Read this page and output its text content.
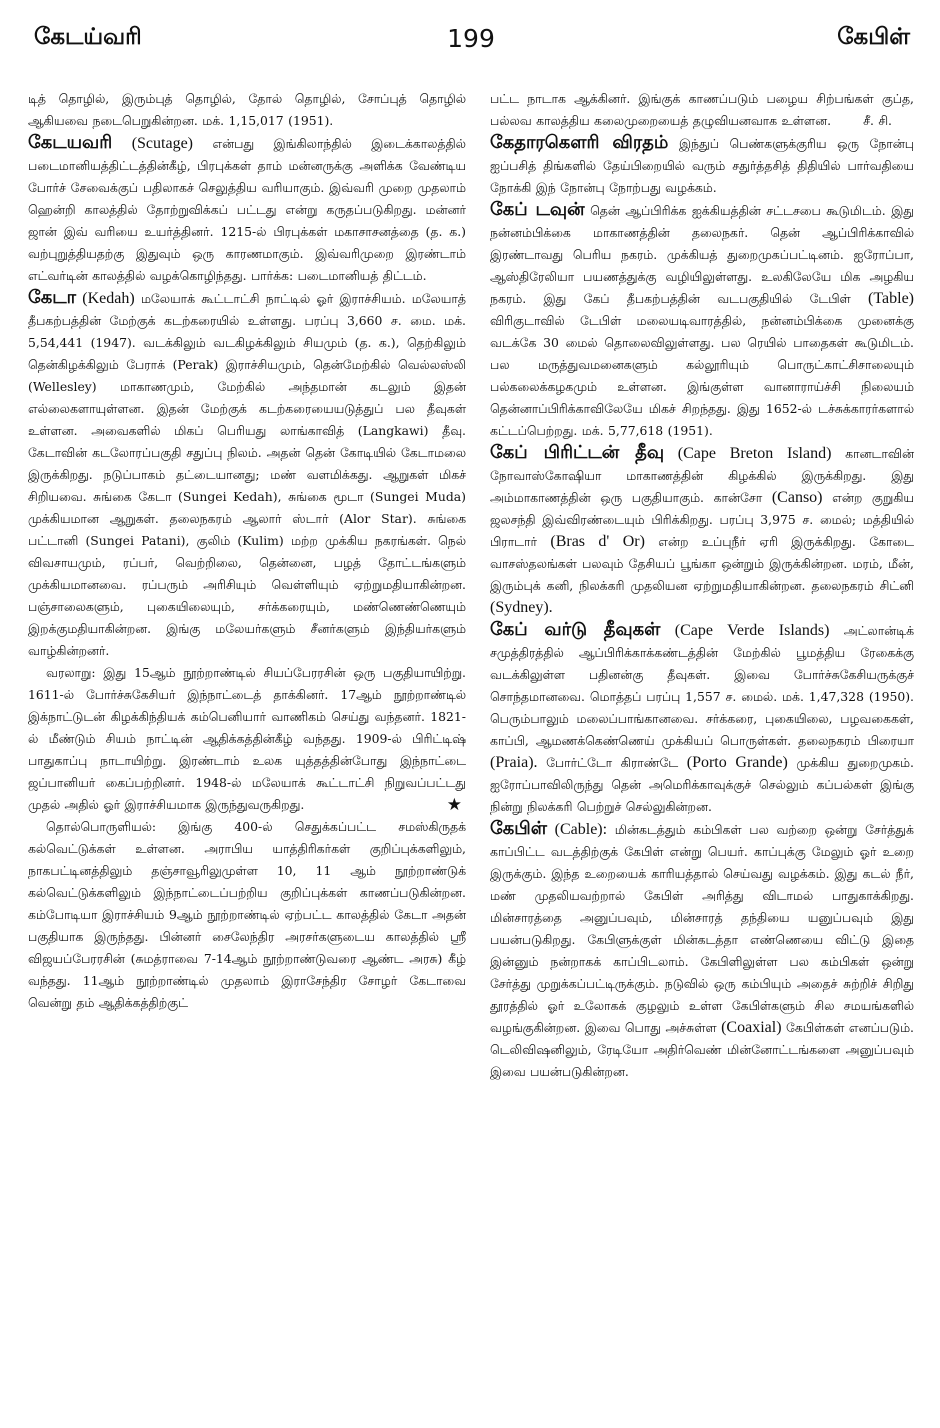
கேடய்வரி	199	கேபிள்

டித் தொழில், இரும்புத் தொழில், தோல் தொழில், சோப்புத் தொழில் ஆகியவை நடைபெறுகின்றன. மக். 1,15,017 (1951).

கேடயவரி (Scutage) என்பது இங்கிலாந்தில் இடைக்காலத்தில் படைமானியத்திட்டத்தின்கீழ், பிரபுக்கள் தாம் மன்னருக்கு அளிக்க வேண்டிய போர்ச் சேவைக்குப் பதிலாகச் செலுத்திய வரியாகும். இவ்வரி முறை முதலாம் ஹென்றி காலத்தில் தோற்றுவிக்கப் பட்டது என்று கருதப்படுகிறது. மன்னர் ஜான் இவ் வரியை உயர்த்தினர். 1215-ல் பிரபுக்கள் மகாசாசனத்தை (த. க.) வற்புறுத்தியதற்கு இதுவும் ஒரு காரணமாகும். இவ்வரிமுறை இரண்டாம் எட்வர்டின் காலத்தில் வழக்கொழிந்தது. பார்க்க: படைமானியத் திட்டம்.

கேடா (Kedah) மலேயாக் கூட்டாட்சி நாட்டில் ஓர் இராச்சியம். மலேயாத் தீபகற்பத்தின் மேற்குக் கடற்கரையில் உள்ளது. பரப்பு 3,660 ச. மை. மக். 5,54,441 (1947). வடக்கிலும் வடகிழக்கிலும் சியமும் (த. க.), தெற்கிலும் தென்கிழக்கிலும் பேராக் (Perak) இராச்சியமும், தென்மேற்கில் வெல்லஸ்லி (Wellesley) மாகாணமும், மேற்கில் அந்தமான் கடலும் இதன் எல்லைகளாயுள்ளன. இதன் மேற்குக் கடற்கரையையடுத்துப் பல தீவுகள் உள்ளன. அவைகளில் மிகப் பெரியது லாங்காவித் (Langkawi) தீவு. கேடாவின் கடலோரப்பகுதி சதுப்பு நிலம். அதன் தென் கோடியில் கேடாமலை இருக்கிறது. நடுப்பாகம் தட்டையானது; மண் வளமிக்கது. ஆறுகள் மிகச் சிறியவை. சுங்கை கேடா (Sungei Kedah), சுங்கை மூடா (Sungei Muda) முக்கியமான ஆறுகள். தலைநகரம் ஆலார் ஸ்டார் (Alor Star). சுங்கை பட்டானி (Sungei Patani), குலிம் (Kulim) மற்ற முக்கிய நகரங்கள். நெல் விவசாயமும், ரப்பர், வெற்றிலை, தென்னை, பழத் தோட்டங்களும் முக்கியமானவை. ரப்பரும் அரிசியும் வெள்ளியும் ஏற்றுமதியாகின்றன. பஞ்சாலைகளும், புகையிலையும், சர்க்கரையும், மண்ணெண்ணெயும் இறக்குமதியாகின்றன. இங்கு மலேயர்களும் சீனர்களும் இந்தியர்களும் வாழ்கின்றனர்.

வரலாறு: இது 15ஆம் நூற்றாண்டில் சியப்பேரரசின் ஒரு பகுதியாயிற்று. 1611-ல் போர்ச்சுகேசியர் இந்நாட்டைத் தாக்கினர். 17ஆம் நூற்றாண்டில் இக்நாட்டுடன் கிழக்கிந்தியக் கம்பெனியார் வாணிகம் செய்து வந்தனர். 1821-ல் மீண்டும் சியம் நாட்டின் ஆதிக்கத்தின்கீழ் வந்தது. 1909-ல் பிரிட்டிஷ் பாதுகாப்பு நாடாயிற்று. இரண்டாம் உலக யுத்தத்தின்போது இந்நாட்டை ஜப்பானியர் கைப்பற்றினர். 1948-ல் மலேயாக் கூட்டாட்சி நிறுவப்பட்டது முதல் அதில் ஓர் இராச்சியமாக இருந்துவருகிறது.	★

தொல்பொருளியல்: இங்கு 400-ல் செதுக்கப்பட்ட சமஸ்கிருதக் கல்வெட்டுக்கள் உள்ளன. அராபிய யாத்திரிகர்கள் குறிப்புக்களிலும், நாகபட்டினத்திலும் தஞ்சாவூரிலுமுள்ள 10, 11 ஆம் நூற்றாண்டுக் கல்வெட்டுக்களிலும் இந்நாட்டைப்பற்றிய குறிப்புக்கள் காணப்படுகின்றன. கம்போடியா இராச்சியம் 9ஆம் நூற்றாண்டில் ஏற்பட்ட காலத்தில் கேடா அதன் பகுதியாக இருந்தது. பின்னர் சைலேந்திர அரசர்களுடைய காலத்தில் ஸ்ரீ விஜயப்பேரரசின் (சுமத்ராவை 7-14ஆம் நூற்றாண்டுவரை ஆண்ட அரசு) கீழ் வந்தது. 11ஆம் நூற்றாண்டில் முதலாம் இராசேந்திர சோழர் கேடாவை வென்று தம் ஆதிக்கத்திற்குட்

பட்ட நாடாக ஆக்கினர். இங்குக் காணப்படும் பழைய சிற்பங்கள் குப்த, பல்லவ காலத்திய கலைமுறையைத் தழுவியனவாக உள்ளன.	சீ. சி.

கேதாரகௌரி விரதம் இந்துப் பெண்களுக்குரிய ஒரு நோன்பு ஐப்பசித் திங்களில் தேய்பிறையில் வரும் சதுர்த்தசித் திதியில் பார்வதியை நோக்கி இந் நோன்பு நோற்பது வழக்கம்.

கேப் டவுன் தென் ஆப்பிரிக்க ஐக்கியத்தின் சட்டசபை கூடுமிடம். இது நன்னம்பிக்கை மாகாணத்தின் தலைநகர். தென் ஆப்பிரிக்காவில் இரண்டாவது பெரிய நகரம். முக்கியத் துறைமுகப்பட்டினம். ஐரோப்பா, ஆஸ்திரேலியா பயணத்துக்கு வழியிலுள்ளது. உலகிலேயே மிக அழகிய நகரம். இது கேப் தீபகற்பத்தின் வடபகுதியில் டேபிள் (Table) விரிகுடாவில் டேபிள் மலையடிவாரத்தில், நன்னம்பிக்கை முனைக்கு வடக்கே 30 மைல் தொலைவிலுள்ளது. பல ரெயில் பாதைகள் கூடுமிடம். பல மருத்துவமனைகளும் கல்லூரியும் பொருட்காட்சிசாலையும் பல்கலைக்கழகமும் உள்ளன. இங்குள்ள வானாராய்ச்சி நிலையம் தென்னாப்பிரிக்காவிலேயே மிகச் சிறந்தது. இது 1652-ல் டச்சுக்காரர்களால் கட்டப்பெற்றது. மக். 5,77,618 (1951).

கேப் பிரிட்டன் தீவு (Cape Breton Island) கானடாவின் நோவாஸ்கோஷியா மாகாணத்தின் கிழக்கில் இருக்கிறது. இது அம்மாகாணத்தின் ஒரு பகுதியாகும். கான்சோ (Canso) என்ற குறுகிய ஜலசந்தி இவ்விரண்டையும் பிரிக்கிறது. பரப்பு 3,975 ச. மைல்; மத்தியில் பிராடார் (Bras d' Or) என்ற உப்புநீர் ஏரி இருக்கிறது. கோடை வாசஸ்தலங்கள் பலவும் தேசியப் பூங்கா ஒன்றும் இருக்கின்றன. மரம், மீன், இரும்புக் கனி, நிலக்கரி முதலியன ஏற்றுமதியாகின்றன. தலைநகரம் சிட்னி (Sydney).

கேப் வர்டு தீவுகள் (Cape Verde Islands) அட்லான்டிக் சமுத்திரத்தில் ஆப்பிரிக்காக்கண்டத்தின் மேற்கில் பூமத்திய ரேகைக்கு வடக்கிலுள்ள பதினன்கு தீவுகள். இவை போர்ச்சுகேசியருக்குச் சொந்தமானவை. மொத்தப் பரப்பு 1,557 ச. மைல். மக். 1,47,328 (1950). பெரும்பாலும் மலைப்பாங்கானவை. சர்க்கரை, புகையிலை, பழவகைகள், காப்பி, ஆமணக்கெண்ணெய் முக்கியப் பொருள்கள். தலைநகரம் பிரையா (Praia). போர்ட்டோ கிராண்டே (Porto Grande) முக்கிய துறைமுகம். ஐரோப்பாவிலிருந்து தென் அமெரிக்காவுக்குச் செல்லும் கப்பல்கள் இங்கு நின்று நிலக்கரி பெற்றுச் செல்லுகின்றன.

கேபிள் (Cable): மின்கடத்தும் கம்பிகள் பல வற்றை ஒன்று சேர்த்துக் காப்பிட்ட வடத்திற்குக் கேபிள் என்று பெயர். காப்புக்கு மேலும் ஓர் உறை இருக்கும். இந்த உறையைக் காரியத்தால் செய்வது வழக்கம். இது கடல் நீர், மண் முதலியவற்றால் கேபிள் அரித்து விடாமல் பாதுகாக்கிறது. மின்சாரத்தை அனுப்பவும், மின்சாரத் தந்தியை யனுப்பவும் இது பயன்படுகிறது. கேபிளுக்குள் மின்கடத்தா எண்ணெயை விட்டு இதை இன்னும் நன்றாகக் காப்பிடலாம். கேபிளிலுள்ள பல கம்பிகள் ஒன்று சேர்த்து முறுக்கப்பட்டிருக்கும். நடுவில் ஒரு கம்பியும் அதைச் சுற்றிச் சிறிது தூரத்தில் ஓர் உலோகக் குழலும் உள்ள கேபிள்களும் சில சமயங்களில் வழங்குகின்றன. இவை பொது அச்சுள்ள (Coaxial) கேபிள்கள் எனப்படும். டெலிவிஷனிலும், ரேடியோ அதிர்வெண் மின்னோட்டங்களை அனுப்பவும் இவை பயன்படுகின்றன.
